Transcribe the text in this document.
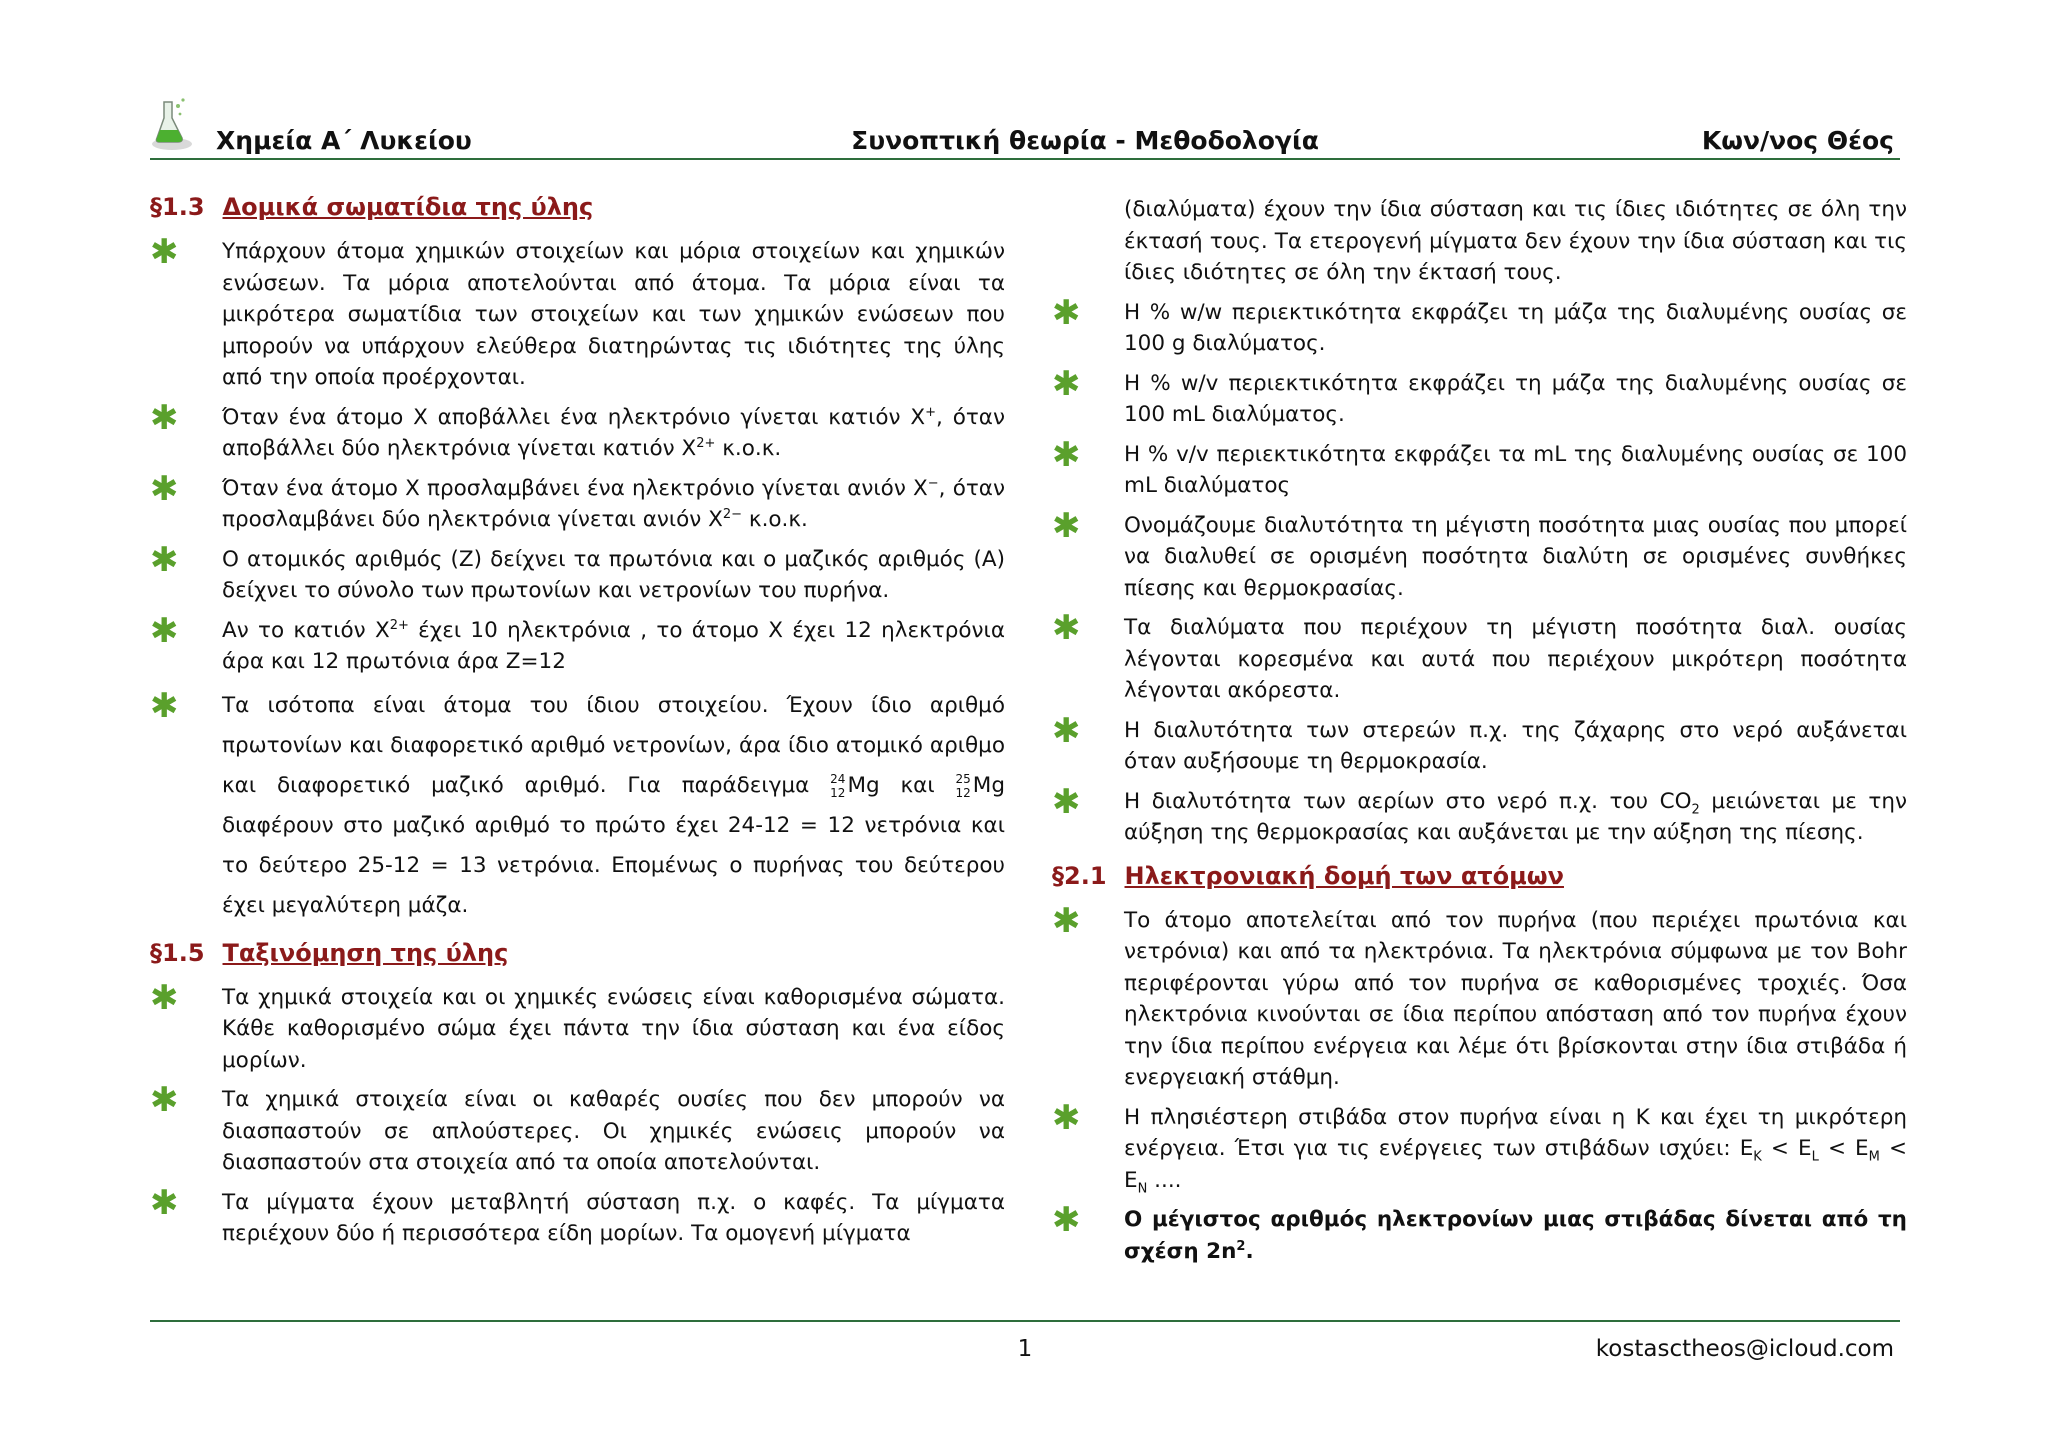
Χημεία Α΄ Λυκείου	Συνοπτική θεωρία - Μεθοδολογία	Κων/νος Θέος
§1.3 Δομικά σωματίδια της ύλης
✱ Υπάρχουν άτομα χημικών στοιχείων και μόρια στοιχείων και χημικών ενώσεων. Τα μόρια αποτελούνται από άτομα. Τα μόρια είναι τα μικρότερα σωματίδια των στοιχείων και των χημικών ενώσεων που μπορούν να υπάρχουν ελεύθερα διατηρώντας τις ιδιότητες της ύλης από την οποία προέρχονται.
✱ Όταν ένα άτομο Χ αποβάλλει ένα ηλεκτρόνιο γίνεται κατιόν Χ+, όταν αποβάλλει δύο ηλεκτρόνια γίνεται κατιόν $X^{2+}$ κ.ο.κ.
✱ Όταν ένα άτομο Χ προσλαμβάνει ένα ηλεκτρόνιο γίνεται ανιόν Χ−, όταν προσλαμβάνει δύο ηλεκτρόνια γίνεται ανιόν $X^{2-}$ κ.ο.κ.
✱ Ο ατομικός αριθμός (Ζ) δείχνει τα πρωτόνια και ο μαζικός αριθμός (Α) δείχνει το σύνολο των πρωτονίων και νετρονίων του πυρήνα.
✱ Αν το κατιόν $X^{2+}$ έχει 10 ηλεκτρόνια , το άτομο Χ έχει 12 ηλεκτρόνια άρα και 12 πρωτόνια άρα Ζ=12
✱ Τα ισότοπα είναι άτομα του ίδιου στοιχείου. Έχουν ίδιο αριθμό πρωτονίων και διαφορετικό αριθμό νετρονίων, άρα ίδιο ατομικό αριθμο και διαφορετικό μαζικό αριθμό. Για παράδειγμα 24
12 Mg και 25
12 Mg διαφέρουν στο μαζικό αριθμό το πρώτο έχει 24-12 = 12 νετρόνια και το δεύτερο 25-12 = 13 νετρόνια. Επομένως ο πυρήνας του δεύτερου έχει μεγαλύτερη μάζα.
§1.5 Ταξινόμηση της ύλης
✱ Τα χημικά στοιχεία και οι χημικές ενώσεις είναι καθορισμένα σώματα. Κάθε καθορισμένο σώμα έχει πάντα την ίδια σύσταση και ένα είδος μορίων.
✱ Τα χημικά στοιχεία είναι οι καθαρές ουσίες που δεν μπορούν να διασπαστούν σε απλούστερες. Οι χημικές ενώσεις μπορούν να διασπαστούν στα στοιχεία από τα οποία αποτελούνται.
✱ Τα μίγματα έχουν μεταβλητή σύσταση π.χ. ο καφές. Τα μίγματα περιέχουν δύο ή περισσότερα είδη μορίων. Τα ομογενή μίγματα
(διαλύματα) έχουν την ίδια σύσταση και τις ίδιες ιδιότητες σε όλη την έκτασή τους. Τα ετερογενή μίγματα δεν έχουν την ίδια σύσταση και τις ίδιες ιδιότητες σε όλη την έκτασή τους.
✱ Η % w/w περιεκτικότητα εκφράζει τη μάζα της διαλυμένης ουσίας σε 100 g διαλύματος.
✱ Η % w/v περιεκτικότητα εκφράζει τη μάζα της διαλυμένης ουσίας σε 100 mL διαλύματος.
✱ Η % v/v περιεκτικότητα εκφράζει τα mL της διαλυμένης ουσίας σε 100 mL διαλύματος
✱ Ονομάζουμε διαλυτότητα τη μέγιστη ποσότητα μιας ουσίας που μπορεί να διαλυθεί σε ορισμένη ποσότητα διαλύτη σε ορισμένες συνθήκες πίεσης και θερμοκρασίας.
✱ Τα διαλύματα που περιέχουν τη μέγιστη ποσότητα διαλ. ουσίας λέγονται κορεσμένα και αυτά που περιέχουν μικρότερη ποσότητα λέγονται ακόρεστα.
✱ Η διαλυτότητα των στερεών π.χ. της ζάχαρης στο νερό αυξάνεται όταν αυξήσουμε τη θερμοκρασία.
✱ Η διαλυτότητα των αερίων στο νερό π.χ. του $CO_2$ μειώνεται με την αύξηση της θερμοκρασίας και αυξάνεται με την αύξηση της πίεσης.
§2.1 Ηλεκτρονιακή δομή των ατόμων
✱ Το άτομο αποτελείται από τον πυρήνα (που περιέχει πρωτόνια και νετρόνια) και από τα ηλεκτρόνια. Τα ηλεκτρόνια σύμφωνα με τον Bohr περιφέρονται γύρω από τον πυρήνα σε καθορισμένες τροχιές. Όσα ηλεκτρόνια κινούνται σε ίδια περίπου απόσταση από τον πυρήνα έχουν την ίδια περίπου ενέργεια και λέμε ότι βρίσκονται στην ίδια στιβάδα ή ενεργειακή στάθμη.
✱ Η πλησιέστερη στιβάδα στον πυρήνα είναι η Κ και έχει τη μικρότερη ενέργεια. Έτσι για τις ενέργειες των στιβάδων ισχύει: $E_K < E_L < E_M < E_N$ ....
✱ Ο μέγιστος αριθμός ηλεκτρονίων μιας στιβάδας δίνεται από τη σχέση $2n^2$.
1	kostasctheos@icloud.com
